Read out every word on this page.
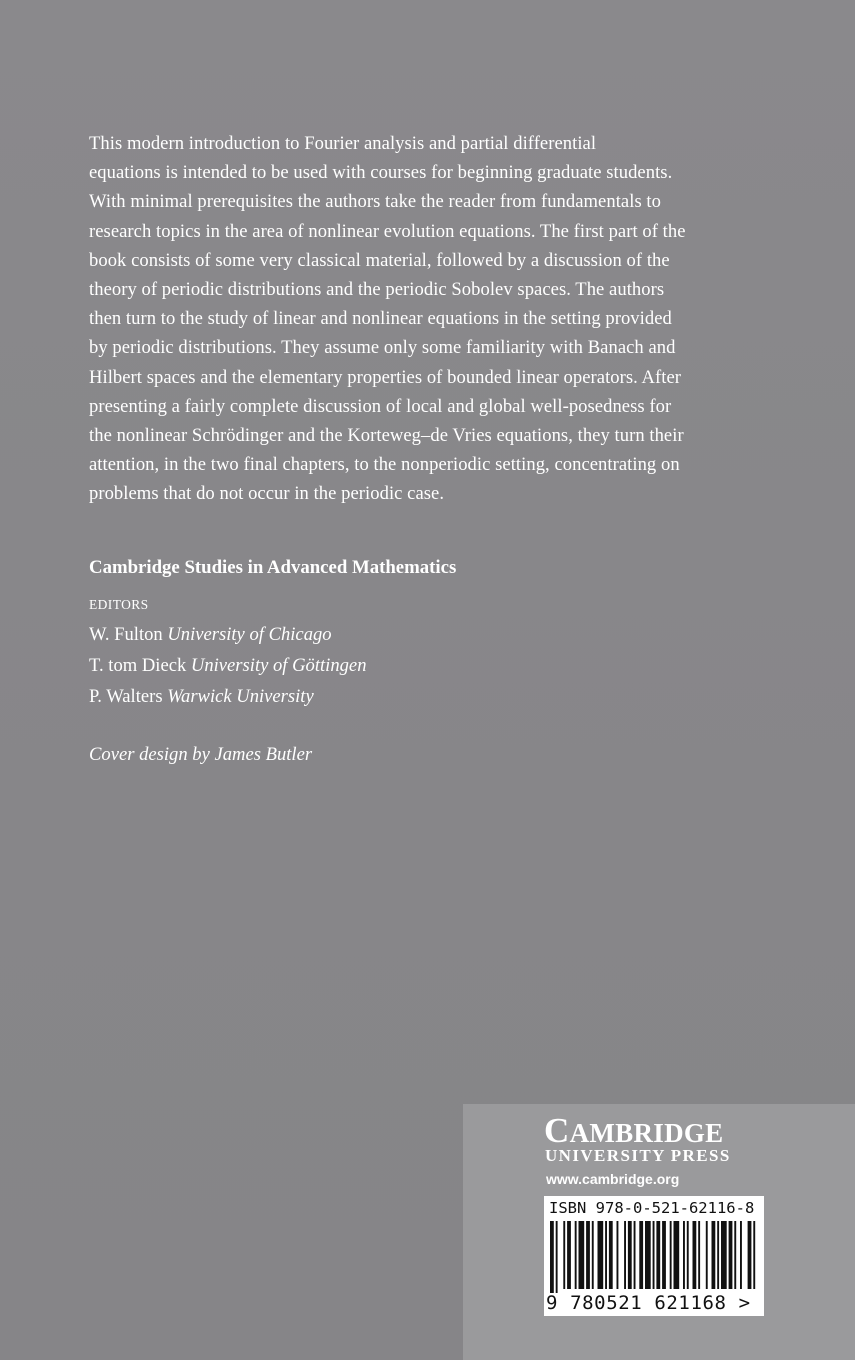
This modern introduction to Fourier analysis and partial differential
equations is intended to be used with courses for beginning graduate students.
With minimal prerequisites the authors take the reader from fundamentals to
research topics in the area of nonlinear evolution equations. The first part of the
book consists of some very classical material, followed by a discussion of the
theory of periodic distributions and the periodic Sobolev spaces. The authors
then turn to the study of linear and nonlinear equations in the setting provided
by periodic distributions. They assume only some familiarity with Banach and
Hilbert spaces and the elementary properties of bounded linear operators. After
presenting a fairly complete discussion of local and global well-posedness for
the nonlinear Schrödinger and the Korteweg–de Vries equations, they turn their
attention, in the two final chapters, to the nonperiodic setting, concentrating on
problems that do not occur in the periodic case.

Cambridge Studies in Advanced Mathematics

EDITORS

W. Fulton University of Chicago

T. tom Dieck University of Göttingen

P. Walters Warwick University

Cover design by James Butler

CAMBRIDGE

UNIVERSITY PRESS

www.cambridge.org

ISBN 978-0-521-62116-8

9 780521 621168 >
